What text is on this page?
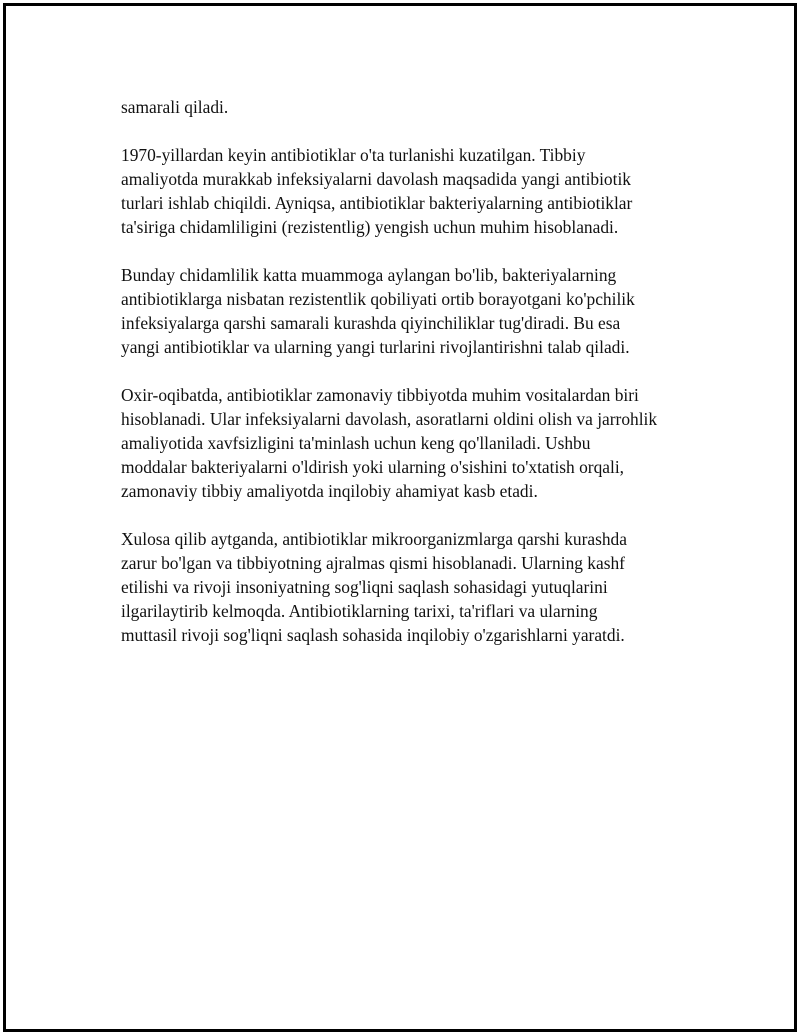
samarali qiladi.

1970-yillardan keyin antibiotiklar o'ta turlanishi kuzatilgan. Tibbiy
amaliyotda murakkab infeksiyalarni davolash maqsadida yangi antibiotik
turlari ishlab chiqildi. Ayniqsa, antibiotiklar bakteriyalarning antibiotiklar
ta'siriga chidamliligini (rezistentlig) yengish uchun muhim hisoblanadi.

Bunday chidamlilik katta muammoga aylangan bo'lib, bakteriyalarning
antibiotiklarga nisbatan rezistentlik qobiliyati ortib borayotgani ko'pchilik
infeksiyalarga qarshi samarali kurashda qiyinchiliklar tug'diradi. Bu esa
yangi antibiotiklar va ularning yangi turlarini rivojlantirishni talab qiladi.

Oxir-oqibatda, antibiotiklar zamonaviy tibbiyotda muhim vositalardan biri
hisoblanadi. Ular infeksiyalarni davolash, asoratlarni oldini olish va jarrohlik
amaliyotida xavfsizligini ta'minlash uchun keng qo'llaniladi. Ushbu
moddalar bakteriyalarni o'ldirish yoki ularning o'sishini to'xtatish orqali,
zamonaviy tibbiy amaliyotda inqilobiy ahamiyat kasb etadi.

Xulosa qilib aytganda, antibiotiklar mikroorganizmlarga qarshi kurashda
zarur bo'lgan va tibbiyotning ajralmas qismi hisoblanadi. Ularning kashf
etilishi va rivoji insoniyatning sog'liqni saqlash sohasidagi yutuqlarini
ilgarilaytirib kelmoqda. Antibiotiklarning tarixi, ta'riflari va ularning
muttasil rivoji sog'liqni saqlash sohasida inqilobiy o'zgarishlarni yaratdi.
